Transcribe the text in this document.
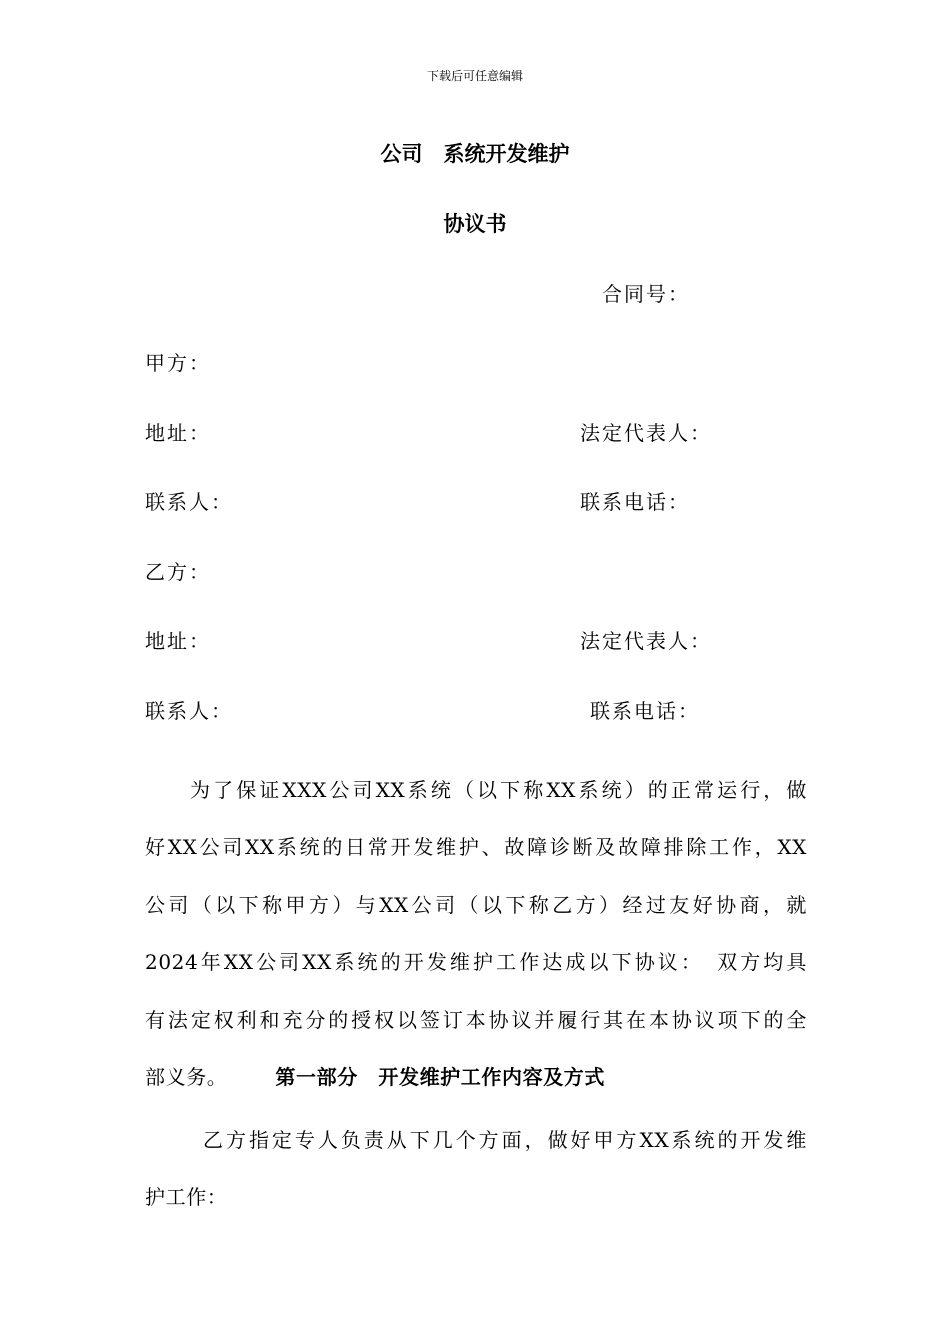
下载后可任意编辑
公司　系统开发维护
协议书
合同号：
甲方：
地址：	法定代表人：
联系人：	联系电话：
乙方：
地址：	法定代表人：
联系人：	联系电话：
为了保证XXX公司XX系统（以下称XX系统）的正常运行，做
好XX公司XX系统的日常开发维护、故障诊断及故障排除工作，XX
公司（以下称甲方）与XX公司（以下称乙方）经过友好协商，就
2024年XX公司XX系统的开发维护工作达成以下协议：　双方均具
有法定权利和充分的授权以签订本协议并履行其在本协议项下的全
部义务。 第一部分　开发维护工作内容及方式
乙方指定专人负责从下几个方面，做好甲方XX系统的开发维
护工作：
